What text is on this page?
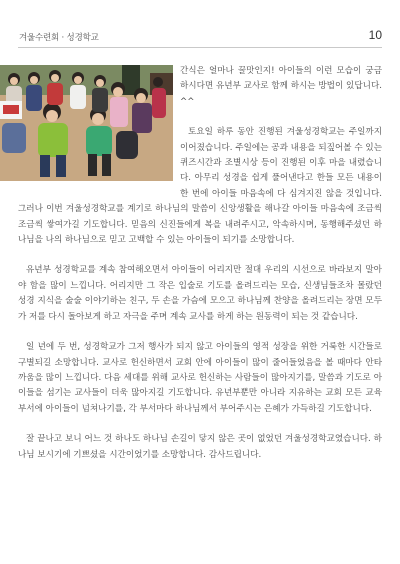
겨울수련회 · 성경학교	10

간식은 얼마나 꿀맛인지! 아이들의 이런 모습이 궁금하시다면 유년부 교사로 함께 하시는 방법이 있답니다. ^^

토요일 하루 동안 진행된 겨울성경학교는 주일까지 이어졌습니다. 주일에는 공과 내용을 되짚어볼 수 있는 퀴즈시간과 조별시상 등이 진행된 이후 마을 내렸습니다. 아무리 성경을 쉽게 풀어낸다고 한들 모든 내용이 한 번에 아이들 마음속에 다 심겨지진 않을 것입니다. 그러나 이번 겨울성경학교를 계기로 하나님의 말씀이 신앙생활을 해나갈 아이들 마음속에 조금씩 조금씩 쌓여가길 기도합니다. 믿음의 신진들에게 복을 내려주시고, 악속하시며, 동행해주셨던 하나님을 나의 하나님으로 믿고 고백할 수 있는 아이들이 되기를 소망합니다.

유년부 성경학교를 계속 참여해오면서 아이들이 어리지만 절대 우리의 시선으로 바라보지 말아야 함을 많이 느낍니다. 어리지만 그 작은 입술로 기도를 올려드리는 모습, 신생님들조차 몰랐던 성경 지식을 술술 이야기하는 친구, 두 손을 가슴에 모으고 하나님께 찬양을 올려드리는 장면 모두가 저를 다시 돌아보게 하고 자극을 주며 계속 교사를 하게 하는 원동력이 되는 것 같습니다.

일 년에 두 번, 성경학교가 그저 행사가 되지 않고 아이들의 영적 성장을 위한 거룩한 시간들로 구별되길 소망합니다. 교사로 헌신하면서 교회 안에 아이들이 많이 줄어들었음을 볼 때마다 안타까움을 많이 느낍니다. 다음 세대를 위해 교사로 헌신하는 사람들이 많아지기를, 말씀과 기도로 아이들을 섬기는 교사들이 더욱 많아지길 기도합니다. 유년부뿐만 아니라 지유하는 교회 모든 교육부서에 아이들이 넘쳐나기를, 각 부서마다 하나님께서 부어주시는 은혜가 가득하길 기도합니다.

잘 끝나고 보니 어느 것 하나도 하나님 손길이 닿지 않은 곳이 없었던 겨울성경학교였습니다. 하나님 보시기에 기쁘셨을 시간이었기를 소망합니다. 감사드립니다.
